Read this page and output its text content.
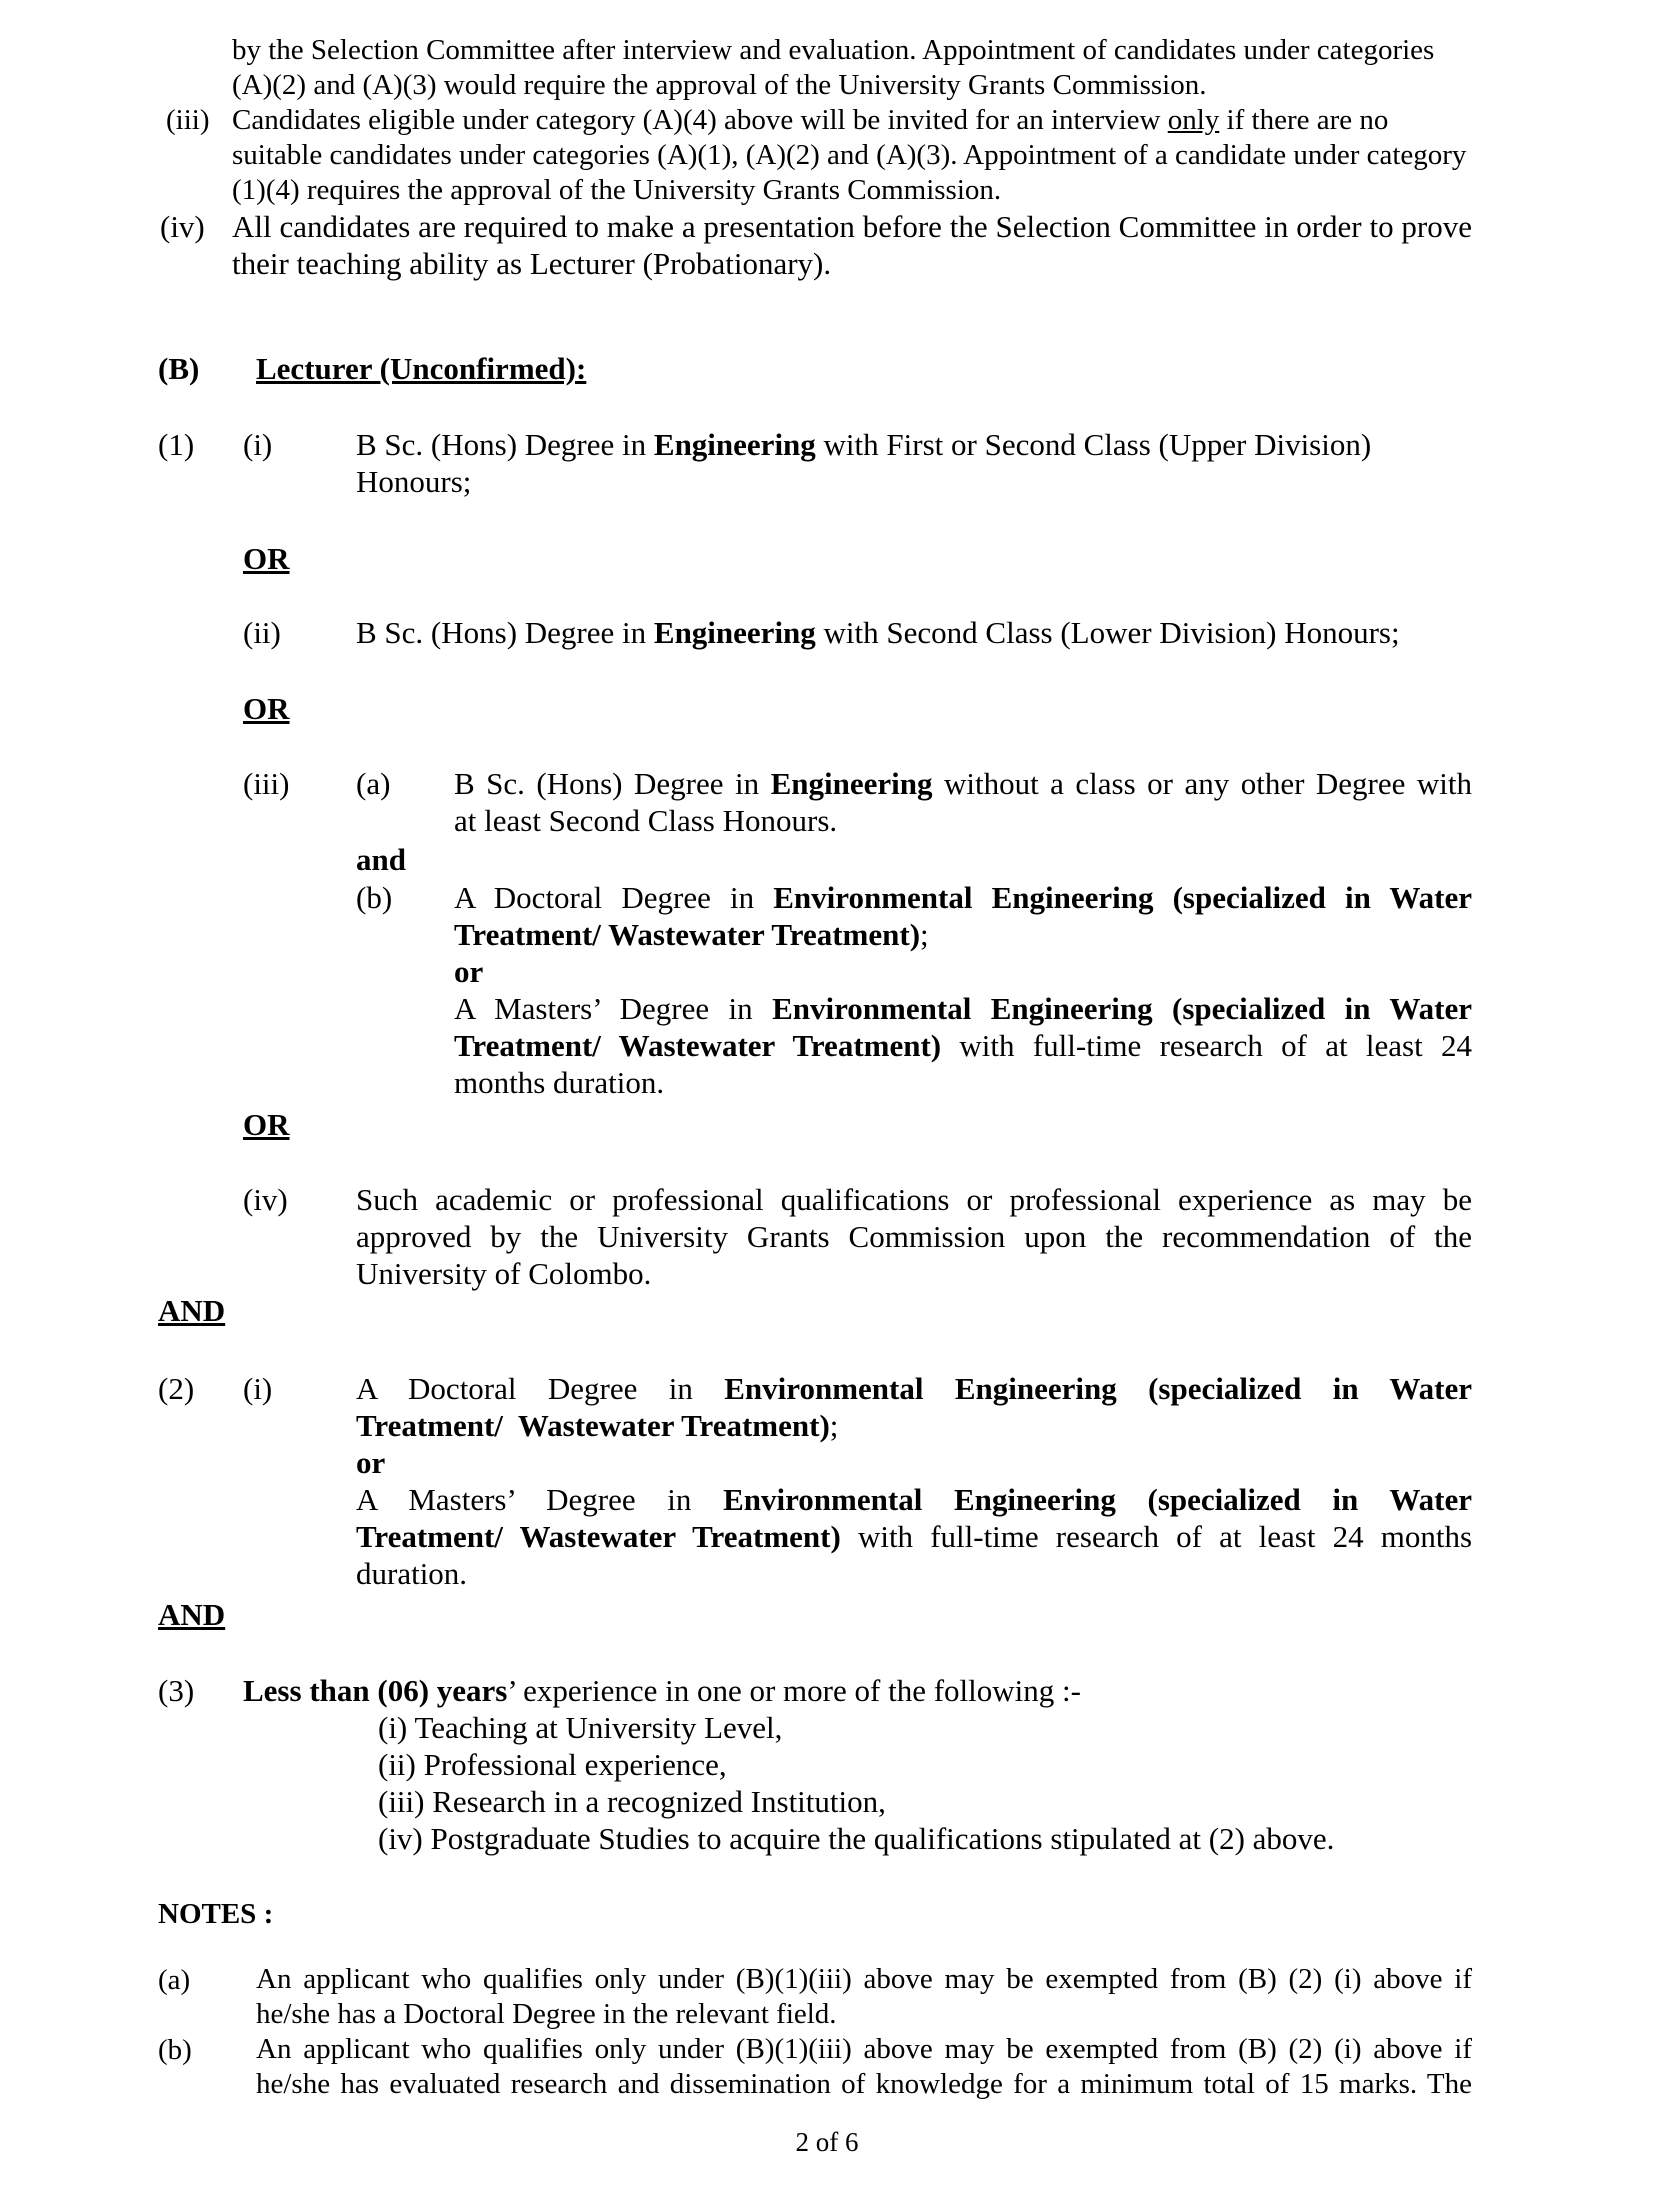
by the Selection Committee after interview and evaluation. Appointment of candidates under categories

(A)(2) and (A)(3) would require the approval of the University Grants Commission.

(iii) Candidates eligible under category (A)(4) above will be invited for an interview only if there are no

suitable candidates under categories (A)(1), (A)(2) and (A)(3). Appointment of a candidate under category

(1)(4) requires the approval of the University Grants Commission.

(iv) All candidates are required to make a presentation before the Selection Committee in order to prove
their teaching ability as Lecturer (Probationary).
(B) Lecturer (Unconfirmed):
(1) (i)	B Sc. (Hons) Degree in Engineering with First or Second Class (Upper Division)
Honours;
OR
(ii) B Sc. (Hons) Degree in Engineering with Second Class (Lower Division) Honours;
OR
(iii) (a) B Sc. (Hons) Degree in Engineering without a class or any other Degree with
at least Second Class Honours.
and
(b) A Doctoral Degree in Environmental Engineering (specialized in Water
Treatment/ Wastewater Treatment);
or
A Masters’ Degree in Environmental Engineering (specialized in Water
Treatment/ Wastewater Treatment) with full-time research of at least 24
months duration.
OR
(iv) Such academic or professional qualifications or professional experience as may be
approved by the University Grants Commission upon the recommendation of the
University of Colombo.
AND
(2) (i)	A Doctoral Degree in Environmental Engineering (specialized in Water
Treatment/  Wastewater Treatment);
or
A Masters’ Degree in Environmental Engineering (specialized in Water
Treatment/ Wastewater Treatment) with full-time research of at least 24 months
duration.
AND
(3) Less than (06) years’ experience in one or more of the following :-
(i) Teaching at University Level,
(ii) Professional experience,
(iii) Research in a recognized Institution,
(iv) Postgraduate Studies to acquire the qualifications stipulated at (2) above.
NOTES :
(a) An applicant who qualifies only under (B)(1)(iii) above may be exempted from (B) (2) (i) above if
he/she has a Doctoral Degree in the relevant field.
(b) An applicant who qualifies only under (B)(1)(iii) above may be exempted from (B) (2) (i) above if
he/she has evaluated research and dissemination of knowledge for a minimum total of 15 marks. The
2 of 6
